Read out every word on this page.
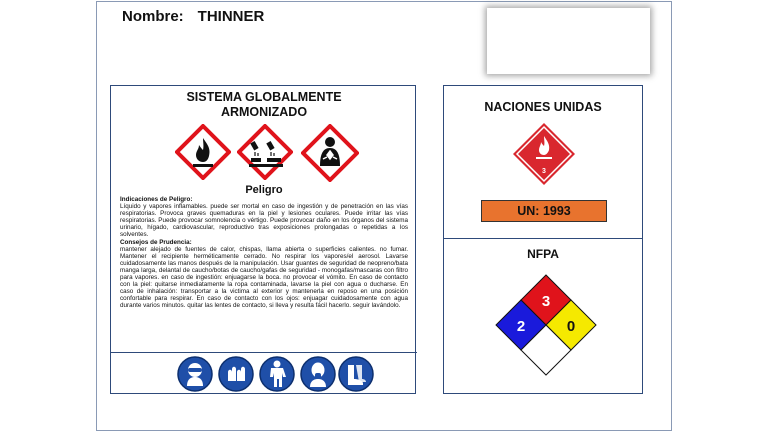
Nombre: THINNER
SISTEMA GLOBALMENTE
ARMONIZADO
Peligro
Indicaciones de Peligro:
Líquido y vapores inflamables. puede ser mortal en caso de ingestión y de penetración en las vías respiratorias. Provoca graves quemaduras en la piel y lesiones oculares. Puede irritar las vías respiratorias. Puede provocar somnolencia o vértigo. Puede provocar daño en los órganos del sistema urinario, hígado, cardiovascular, reproductivo tras exposiciones prolongadas o repetidas a los solventes.
Consejos de Prudencia:
mantener alejado de fuentes de calor, chispas, llama abierta o superficies calientes. no fumar. Mantener el recipiente herméticamente cerrado. No respirar los vapores/el aerosol. Lavarse cuidadosamente las manos después de la manipulación. Usar guantes de seguridad de neopreno/bata manga larga, delantal de caucho/botas de caucho/gafas de seguridad - monogafas/mascaras con filtro para vapores. en caso de ingestión: enjuagarse la boca. no provocar el vómito. En caso de contacto con la piel: quitarse inmediatamente la ropa contaminada, lavarse la piel con agua o ducharse. En caso de inhalación: transportar a la victima al exterior y mantenerla en reposo en una posición confortable para respirar. En caso de contacto con los ojos: enjuagar cuidadosamente con agua durante varios minutos. quitar las lentes de contacto, si lleva y resulta fácil hacerlo. seguir lavándolo.
NACIONES UNIDAS
3
UN: 1993
NFPA
3
2	0
